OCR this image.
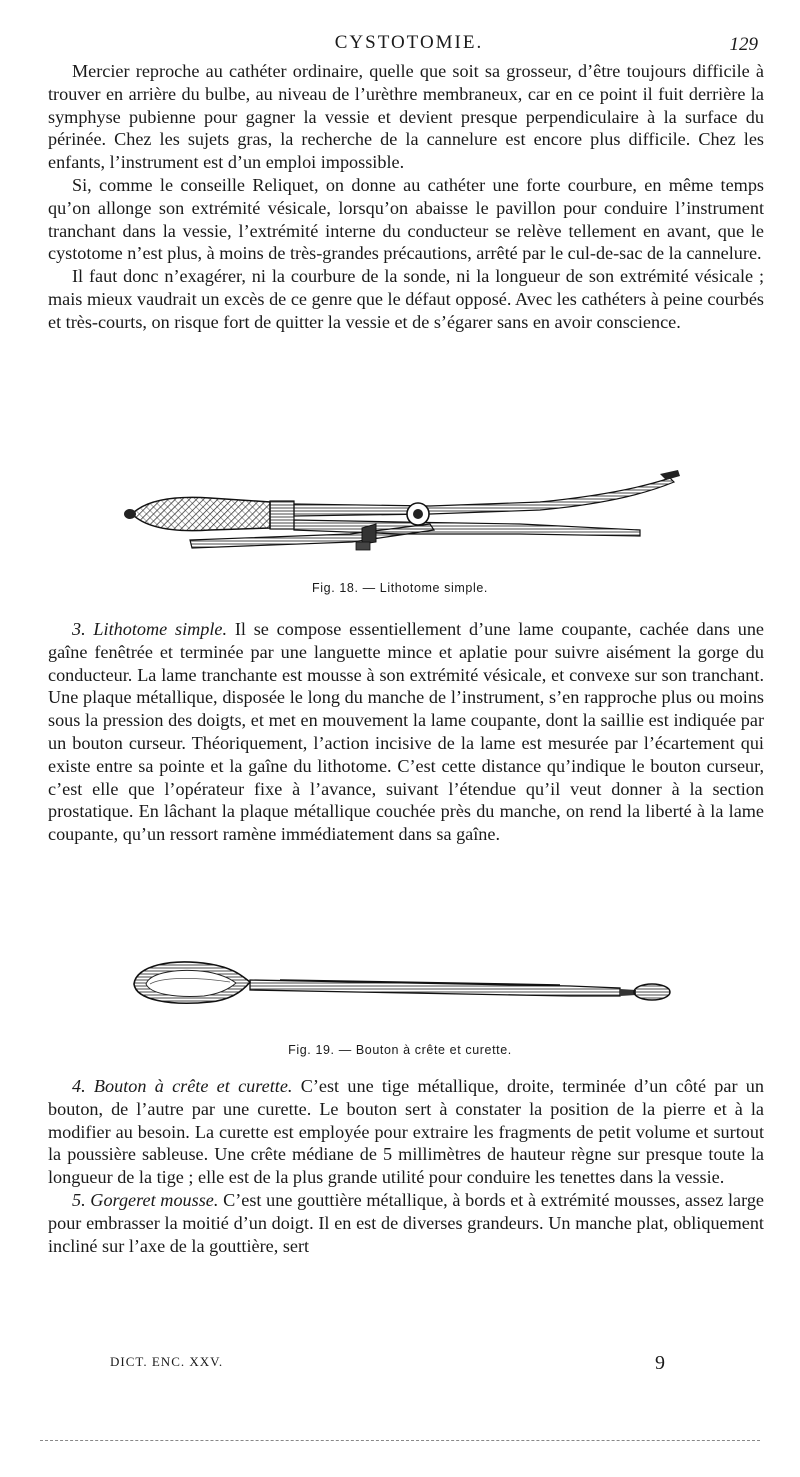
CYSTOTOMIE.	129

Mercier reproche au cathéter ordinaire, quelle que soit sa grosseur, d’être toujours difficile à trouver en arrière du bulbe, au niveau de l’urèthre membraneux, car en ce point il fuit derrière la symphyse pubienne pour gagner la vessie et devient presque perpendiculaire à la surface du périnée. Chez les sujets gras, la recherche de la cannelure est encore plus difficile. Chez les enfants, l’instrument est d’un emploi impossible.

Si, comme le conseille Reliquet, on donne au cathéter une forte courbure, en même temps qu’on allonge son extrémité vésicale, lorsqu’on abaisse le pavillon pour conduire l’instrument tranchant dans la vessie, l’extrémité interne du conducteur se relève tellement en avant, que le cystotome n’est plus, à moins de très-grandes précautions, arrêté par le cul-de-sac de la cannelure.

Il faut donc n’exagérer, ni la courbure de la sonde, ni la longueur de son extrémité vésicale ; mais mieux vaudrait un excès de ce genre que le défaut opposé. Avec les cathéters à peine courbés et très-courts, on risque fort de quitter la vessie et de s’égarer sans en avoir conscience.

Fig. 18. — Lithotome simple.

3. Lithotome simple. Il se compose essentiellement d’une lame coupante, cachée dans une gaîne fenêtrée et terminée par une languette mince et aplatie pour suivre aisément la gorge du conducteur. La lame tranchante est mousse à son extrémité vésicale, et convexe sur son tranchant. Une plaque métallique, disposée le long du manche de l’instrument, s’en rapproche plus ou moins sous la pression des doigts, et met en mouvement la lame coupante, dont la saillie est indiquée par un bouton curseur. Théoriquement, l’action incisive de la lame est mesurée par l’écartement qui existe entre sa pointe et la gaîne du lithotome. C’est cette distance qu’indique le bouton curseur, c’est elle que l’opérateur fixe à l’avance, suivant l’étendue qu’il veut donner à la section prostatique. En lâchant la plaque métallique couchée près du manche, on rend la liberté à la lame coupante, qu’un ressort ramène immédiatement dans sa gaîne.

Fig. 19. — Bouton à crête et curette.

4. Bouton à crête et curette. C’est une tige métallique, droite, terminée d’un côté par un bouton, de l’autre par une curette. Le bouton sert à constater la position de la pierre et à la modifier au besoin. La curette est employée pour extraire les fragments de petit volume et surtout la poussière sableuse. Une crête médiane de 5 millimètres de hauteur règne sur presque toute la longueur de la tige ; elle est de la plus grande utilité pour conduire les tenettes dans la vessie.

5. Gorgeret mousse. C’est une gouttière métallique, à bords et à extrémité mousses, assez large pour embrasser la moitié d’un doigt. Il en est de diverses grandeurs. Un manche plat, obliquement incliné sur l’axe de la gouttière, sert

DICT. ENC. XXV.	9
